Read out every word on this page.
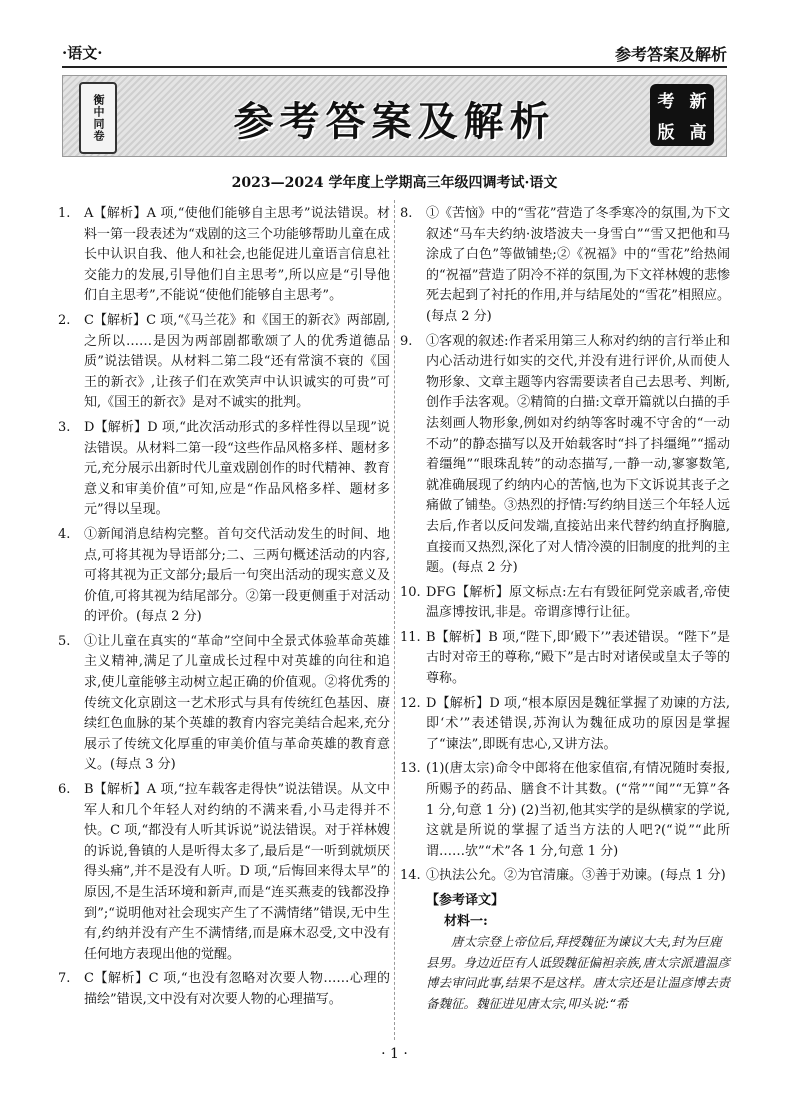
·语文·	参考答案及解析
衡中同卷	参考答案及解析	考 新
版 高
2023—2024 学年度上学期高三年级四调考试·语文
1.	A【解析】A 项,“使他们能够自主思考”说法错误。材料一第一段表述为“戏剧的这三个功能够帮助儿童在成长中认识自我、他人和社会,也能促进儿童语言信息社交能力的发展,引导他们自主思考”,所以应是“引导他们自主思考”,不能说“使他们能够自主思考”。
2.	C【解析】C 项,“《马兰花》和《国王的新衣》两部剧,之所以……是因为两部剧都歌颂了人的优秀道德品质”说法错误。从材料二第二段“还有常演不衰的《国王的新衣》,让孩子们在欢笑声中认识诚实的可贵”可知,《国王的新衣》是对不诚实的批判。
3.	D【解析】D 项,“此次活动形式的多样性得以呈现”说法错误。从材料二第一段“这些作品风格多样、题材多元,充分展示出新时代儿童戏剧创作的时代精神、教育意义和审美价值”可知,应是“作品风格多样、题材多元”得以呈现。
4.	①新闻消息结构完整。首句交代活动发生的时间、地点,可将其视为导语部分;二、三两句概述活动的内容,可将其视为正文部分;最后一句突出活动的现实意义及价值,可将其视为结尾部分。②第一段更侧重于对活动的评价。(每点 2 分)
5.	①让儿童在真实的“革命”空间中全景式体验革命英雄主义精神,满足了儿童成长过程中对英雄的向往和追求,使儿童能够主动树立起正确的价值观。②将优秀的传统文化京剧这一艺术形式与具有传统红色基因、赓续红色血脉的某个英雄的教育内容完美结合起来,充分展示了传统文化厚重的审美价值与革命英雄的教育意义。(每点 3 分)
6.	B【解析】A 项,“拉车载客走得快”说法错误。从文中军人和几个年轻人对约纳的不满来看,小马走得并不快。C 项,“都没有人听其诉说”说法错误。对于祥林嫂的诉说,鲁镇的人是听得太多了,最后是“一听到就烦厌得头痛”,并不是没有人听。D 项,“后悔回来得太早”的原因,不是生活环境和新声,而是“连买燕麦的钱都没挣到”;“说明他对社会现实产生了不满情绪”错误,无中生有,约纳并没有产生不满情绪,而是麻木忍受,文中没有任何地方表现出他的觉醒。
7.	C【解析】C 项,“也没有忽略对次要人物……心理的描绘”错误,文中没有对次要人物的心理描写。
8.	①《苦恼》中的“雪花”营造了冬季寒冷的氛围,为下文叙述“马车夫约纳·波塔波夫一身雪白”“雪又把他和马涂成了白色”等做铺垫;②《祝福》中的“雪花”给热闹的“祝福”营造了阴冷不祥的氛围,为下文祥林嫂的悲惨死去起到了衬托的作用,并与结尾处的“雪花”相照应。(每点 2 分)
9.	①客观的叙述:作者采用第三人称对约纳的言行举止和内心活动进行如实的交代,并没有进行评价,从而使人物形象、文章主题等内容需要读者自己去思考、判断,创作手法客观。②精简的白描:文章开篇就以白描的手法刻画人物形象,例如对约纳等客时魂不守舍的“一动不动”的静态描写以及开始载客时“抖了抖缰绳”“摇动着缰绳”“眼珠乱转”的动态描写,一静一动,寥寥数笔,就准确展现了约纳内心的苦恼,也为下文诉说其丧子之痛做了铺垫。③热烈的抒情:写约纳目送三个年轻人远去后,作者以反问发端,直接站出来代替约纳直抒胸臆,直接而又热烈,深化了对人情冷漠的旧制度的批判的主题。(每点 2 分)
10. DFG【解析】原文标点:左右有毁征阿党亲戚者,帝使温彦博按讯,非是。帝谓彦博行让征。
11. B【解析】B 项,“陛下,即‘殿下’”表述错误。“陛下”是古时对帝王的尊称,“殿下”是古时对诸侯或皇太子等的尊称。
12. D【解析】D 项,“根本原因是魏征掌握了劝谏的方法,即‘术’”表述错误,苏洵认为魏征成功的原因是掌握了“谏法”,即既有忠心,又讲方法。
13. (1)(唐太宗)命令中郎将在他家值宿,有情况随时奏报,所赐予的药品、膳食不计其数。(“常”“闻”“无算”各 1 分,句意 1 分) (2)当初,他其实学的是纵横家的学说,这就是所说的掌握了适当方法的人吧?(“说”“此所谓……欤”“术”各 1 分,句意 1 分)
14. ①执法公允。②为官清廉。③善于劝谏。(每点 1 分)
【参考译文】
材料一:
唐太宗登上帝位后,拜授魏征为谏议大夫,封为巨鹿县男。身边近臣有人诋毁魏征偏袒亲族,唐太宗派遣温彦博去审问此事,结果不是这样。唐太宗还是让温彦博去责备魏征。魏征进见唐太宗,叩头说:“希
· 1 ·
